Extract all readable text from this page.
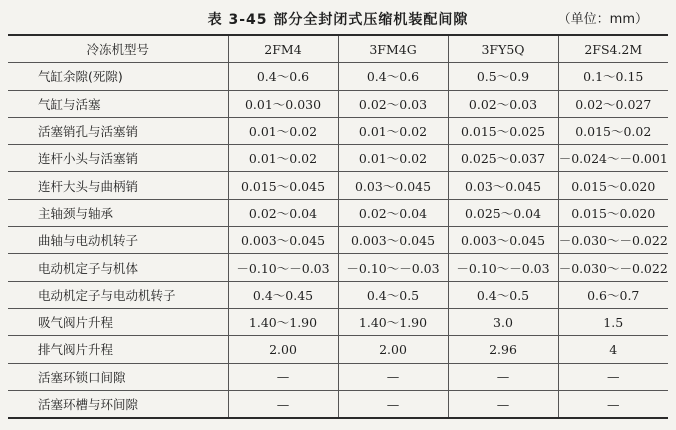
表 3-45 部分全封闭式压缩机装配间隙	（单位：mm）
冷冻机型号	2FM4	3FM4G	3FY5Q	2FS4.2M
气缸余隙(死隙)	0.4～0.6	0.4～0.6	0.5～0.9	0.1～0.15
气缸与活塞	0.01～0.030	0.02～0.03	0.02～0.03	0.02～0.027
活塞销孔与活塞销	0.01～0.02	0.01～0.02	0.015～0.025	0.015～0.02
连杆小头与活塞销	0.01～0.02	0.01～0.02	0.025～0.037	－0.024～－0.001
连杆大头与曲柄销	0.015～0.045	0.03～0.045	0.03～0.045	0.015～0.020
主轴颈与轴承	0.02～0.04	0.02～0.04	0.025～0.04	0.015～0.020
曲轴与电动机转子	0.003～0.045	0.003～0.045	0.003～0.045	－0.030～－0.022
电动机定子与机体	－0.10～－0.03	－0.10～－0.03	－0.10～－0.03	－0.030～－0.022
电动机定子与电动机转子	0.4～0.45	0.4～0.5	0.4～0.5	0.6～0.7
吸气阀片升程	1.40～1.90	1.40～1.90	3.0	1.5
排气阀片升程	2.00	2.00	2.96	4
活塞环锁口间隙	—	—	—	—
活塞环槽与环间隙	—	—	—	—
